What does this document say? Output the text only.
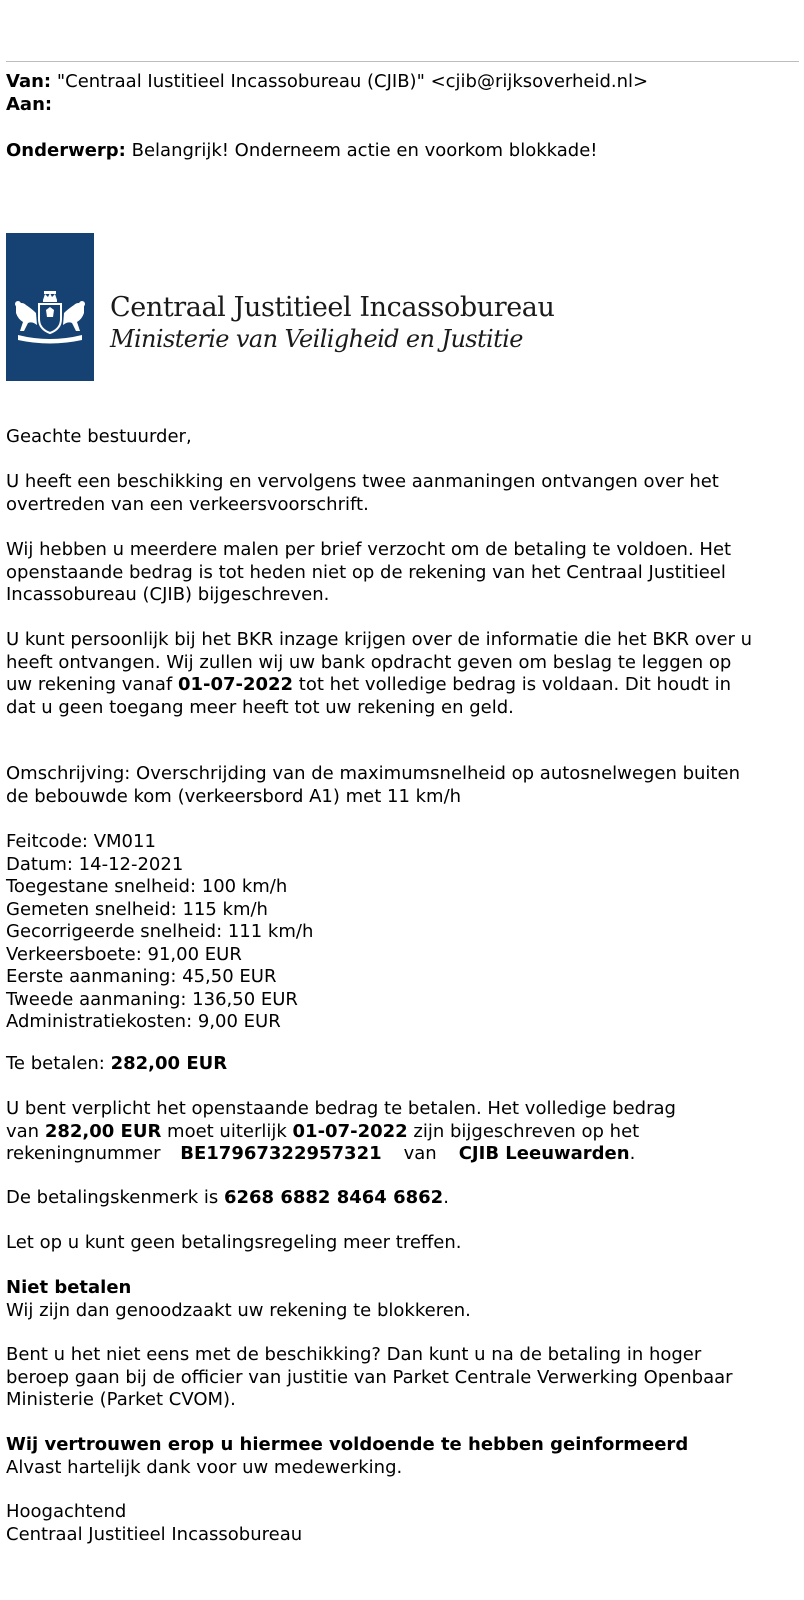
Van: "Centraal Iustitieel Incassobureau (CJIB)" <cjib@rijksoverheid.nl>
Aan:
Onderwerp: Belangrijk! Onderneem actie en voorkom blokkade!
Centraal Justitieel Incassobureau
Ministerie van Veiligheid en Justitie
Geachte bestuurder,
U heeft een beschikking en vervolgens twee aanmaningen ontvangen over het
overtreden van een verkeersvoorschrift.
Wij hebben u meerdere malen per brief verzocht om de betaling te voldoen. Het
openstaande bedrag is tot heden niet op de rekening van het Centraal Justitieel
Incassobureau (CJIB) bijgeschreven.
U kunt persoonlijk bij het BKR inzage krijgen over de informatie die het BKR over u
heeft ontvangen. Wij zullen wij uw bank opdracht geven om beslag te leggen op
uw rekening vanaf 01-07-2022 tot het volledige bedrag is voldaan. Dit houdt in
dat u geen toegang meer heeft tot uw rekening en geld.
Omschrijving: Overschrijding van de maximumsnelheid op autosnelwegen buiten
de bebouwde kom (verkeersbord A1) met 11 km/h
Feitcode: VM011
Datum: 14-12-2021
Toegestane snelheid: 100 km/h
Gemeten snelheid: 115 km/h
Gecorrigeerde snelheid: 111 km/h
Verkeersboete: 91,00 EUR
Eerste aanmaning: 45,50 EUR
Tweede aanmaning: 136,50 EUR
Administratiekosten: 9,00 EUR
Te betalen: 282,00 EUR
U bent verplicht het openstaande bedrag te betalen. Het volledige bedrag
van 282,00 EUR moet uiterlijk 01-07-2022 zijn bijgeschreven op het
rekeningnummer BE17967322957321 van CJIB Leeuwarden.
De betalingskenmerk is 6268 6882 8464 6862.
Let op u kunt geen betalingsregeling meer treffen.
Niet betalen
Wij zijn dan genoodzaakt uw rekening te blokkeren.
Bent u het niet eens met de beschikking? Dan kunt u na de betaling in hoger
beroep gaan bij de officier van justitie van Parket Centrale Verwerking Openbaar
Ministerie (Parket CVOM).
Wij vertrouwen erop u hiermee voldoende te hebben geinformeerd
Alvast hartelijk dank voor uw medewerking.
Hoogachtend
Centraal Justitieel Incassobureau
